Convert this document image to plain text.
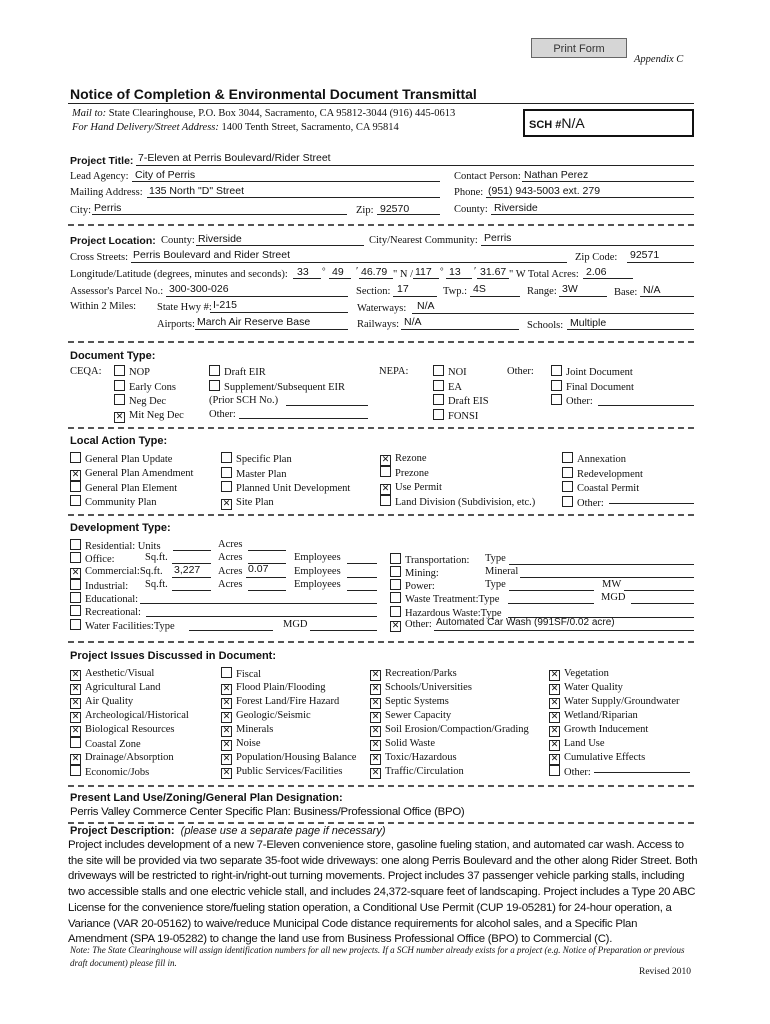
Print Form
Appendix C
Notice of Completion & Environmental Document Transmittal
Mail to: State Clearinghouse, P.O. Box 3044, Sacramento, CA 95812-3044 (916) 445-0613
For Hand Delivery/Street Address: 1400 Tenth Street, Sacramento, CA 95814	SCH #N/A
Project Title: 7-Eleven at Perris Boulevard/Rider Street
Lead Agency: City of Perris	Contact Person: Nathan Perez
Mailing Address: 135 North "D" Street	Phone: (951) 943-5003 ext. 279
City: Perris	Zip: 92570	County: Riverside
Project Location: County: Riverside	City/Nearest Community: Perris
Cross Streets: Perris Boulevard and Rider Street	Zip Code: 92571
Longitude/Latitude (degrees, minutes and seconds): 33 ° 49 ′ 46.79 " N / 117 ° 13 ′ 31.67 " W Total Acres: 2.06
Assessor's Parcel No.: 300-300-026	Section: 17	Twp.: 4S	Range: 3W	Base: N/A
Within 2 Miles: State Hwy #: I-215	Waterways: N/A
Airports: March Air Reserve Base	Railways: N/A	Schools: Multiple
Document Type:
CEQA:	NOP
Early Cons
Neg Dec
✕ Mit Neg Dec
Draft EIR
Supplement/Subsequent EIR
(Prior SCH No.)
Other:
NEPA:	NOI
EA
Draft EIS
FONSI
Other:	Joint Document
Final Document
Other:
Local Action Type:
General Plan Update
✕ General Plan Amendment
General Plan Element
Community Plan
Specific Plan
Master Plan
Planned Unit Development
✕ Site Plan
✕ Rezone
Prezone
✕ Use Permit
Land Division (Subdivision, etc.)
Annexation
Redevelopment
Coastal Permit
Other:
Development Type:
Residential: Units	Acres
Office:	Sq.ft.	Acres	Employees
✕ Commercial:Sq.ft. 3,227 Acres 0.07 Employees
Industrial: Sq.ft.	Acres	Employees
Educational:
Recreational:
Water Facilities:Type	MGD
Transportation: Type
Mining:	Mineral
Power:	Type	MW
Waste Treatment:Type	MGD
Hazardous Waste:Type
✕ Other: Automated Car Wash (991SF/0.02 acre)
Project Issues Discussed in Document:
✕ Aesthetic/Visual
✕ Agricultural Land
✕ Air Quality
✕ Archeological/Historical
✕ Biological Resources
Coastal Zone
✕ Drainage/Absorption
Economic/Jobs
Fiscal
✕ Flood Plain/Flooding
✕ Forest Land/Fire Hazard
✕ Geologic/Seismic
✕ Minerals
✕ Noise
✕ Population/Housing Balance
✕ Public Services/Facilities
✕ Recreation/Parks
✕ Schools/Universities
✕ Septic Systems
✕ Sewer Capacity
✕ Soil Erosion/Compaction/Grading
✕ Solid Waste
✕ Toxic/Hazardous
✕ Traffic/Circulation
✕ Vegetation
✕ Water Quality
✕ Water Supply/Groundwater
✕ Wetland/Riparian
✕ Growth Inducement
✕ Land Use
✕ Cumulative Effects
Other:
Present Land Use/Zoning/General Plan Designation:
Perris Valley Commerce Center Specific Plan: Business/Professional Office (BPO)
Project Description: (please use a separate page if necessary)
Project includes development of a new 7-Eleven convenience store, gasoline fueling station, and automated car wash. Access to the site will be provided via two separate 35-foot wide driveways: one along Perris Boulevard and the other along Rider Street. Both driveways will be restricted to right-in/right-out turning movements. Project includes 37 passenger vehicle parking stalls, including two accessible stalls and one electric vehicle stall, and includes 24,372-square feet of landscaping. Project includes a Type 20 ABC License for the convenience store/fueling station operation, a Conditional Use Permit (CUP 19-05281) for 24-hour operation, a Variance (VAR 20-05162) to waive/reduce Municipal Code distance requirements for alcohol sales, and a Specific Plan Amendment (SPA 19-05282) to change the land use from Business Professional Office (BPO) to Commercial (C).
Note: The State Clearinghouse will assign identification numbers for all new projects. If a SCH number already exists for a project (e.g. Notice of Preparation or previous draft document) please fill in.
Revised 2010
